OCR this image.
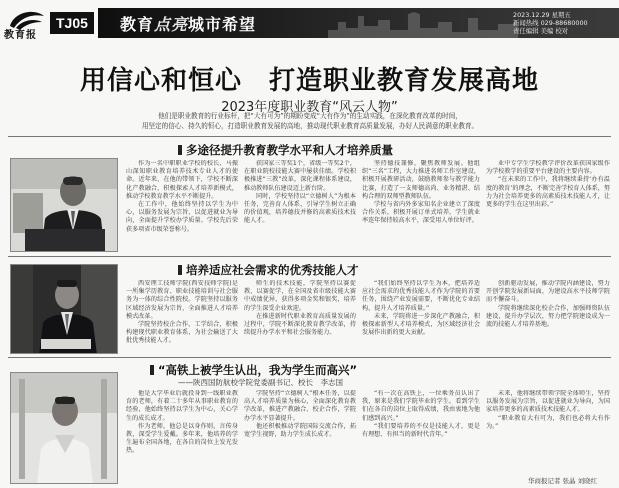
教育报
TJ05	教育点亮城市希望	2023.12.29 星期五
新闻热线 029-88680000
责任编辑 美编 校对
用信心和恒心　打造职业教育发展高地
2023年度职业教育“风云人物”
他们是职业教育的行业标杆，把“大有可为”的期盼变成“大有作为”的生动实践，在深化教育改革的时间，
用坚定的信心、持久的恒心，打造职业教育发展的高地，推动现代职业教育高质量发展，办好人民满意的职业教育。
多途径提升教育教学水平和人才培养质量

作为一名中职职业学校的校长，马振山深知职业教育培养技术专业人才的使命。近年来，在他的带领下，学校不断深化产教融合，积极探索人才培养新模式，推动学校教育教学水平不断提升。

在工作中，他始终坚持以学生为中心，以服务发展为宗旨，以促进就业为导向，全面提升学校办学质量。学校先后荣获多项省市级荣誉称号。

获国家三等奖1个，省级一等奖2个，在职业院校技能大赛中屡获佳绩。学校积极推进“三教”改革，深化课程体系建设，推动教师队伍建设迈上新台阶。

同时，学校坚持以“立德树人”为根本任务，完善育人体系，引导学生树立正确的价值观，培养德技并修的高素质技术技能人才。

坚持德技兼修，聚焦教师发展。他组织“三名”工程，大力推进名师工作室建设，积极开展教研活动，鼓励教师参与教学能力比赛，打造了一支师德高尚、业务精湛、结构合理的双师型教师队伍。

学校与省内外多家知名企业建立了深度合作关系，积极开展订单式培养，学生就业率连年保持较高水平，深受用人单位好评。

业中专学生学校教学评价改革获国家级作为学校教学的重要平台建设的主要内容。

“在未来的工作中，我将继续秉持‘办有温度的教育’的理念，不断完善学校育人体系，努力为社会培养更多的高素质技术技能人才，让更多的学生在这里出彩。”

培养适应社会需求的优秀技能人才

西安理工技师学院(西安技师学院)是一所集学历教育、职业技能培训与社会服务为一体的综合性院校。学院坚持以服务区域经济发展为宗旨，全面推进人才培养模式改革。

学院坚持校企合作、工学结合，积极构建现代职业教育体系，为社会输送了大批优秀技能人才。

师生的技术技能，学院坚持以赛促教、以赛促学，在全国及省市级技能大赛中成绩优异，获得多项金奖和银奖，培养的学生深受企业欢迎。

在推进新时代职业教育高质量发展的过程中，学院不断深化教育教学改革，持续提升办学水平和社会服务能力。

“我们始终坚持以学生为本，把培养适应社会需求的优秀技能人才作为学院的首要任务，围绕产业发展需要，不断优化专业结构，提升人才培养质量。”

未来，学院将进一步深化产教融合，积极探索新型人才培养模式，为区域经济社会发展作出新的更大贡献。

创新驱动发展，推动学院内涵建设，努力开创学院发展新局面，为建设高水平技师学院而不懈奋斗。

学院将继续深化校企合作，加强师资队伍建设，提升办学层次，努力把学院建设成为一流的技能人才培养基地。

“高铁上被学生认出，我为学生而高兴”
——陕西国防航校学院党委副书记、校长　李志国

他是大学毕业后就投身到一线职业教育的老师，有着二十多年从事职业教育的经验，他始终坚持以学生为中心，关心学生的成长成才。

作为老师，他总是以身作则，言传身教，深受学生爱戴。多年来，他培养的学生遍布全国各地，在各自的岗位上发光发热。

学院坚持“立德树人”根本任务，以提高人才培养质量为核心，全面深化教育教学改革，推进产教融合、校企合作，学院办学水平显著提升。

他还积极推动学院国际交流合作，拓宽学生视野，助力学生成长成才。

“有一次在高铁上，一位乘务员认出了我，原来是我们学院毕业的学生。看到学生们在各自的岗位上取得成绩，我由衷地为他们感到高兴。”

“我们要培养的不仅是技能人才，更是有理想、有担当的新时代青年。”

未来，他将继续带领学院全体师生，坚持以服务发展为宗旨，以促进就业为导向，为国家培养更多的高素质技术技能人才。

“职业教育大有可为，我们也必将大有作为。”

华商报记者 张晶 刘晓红
